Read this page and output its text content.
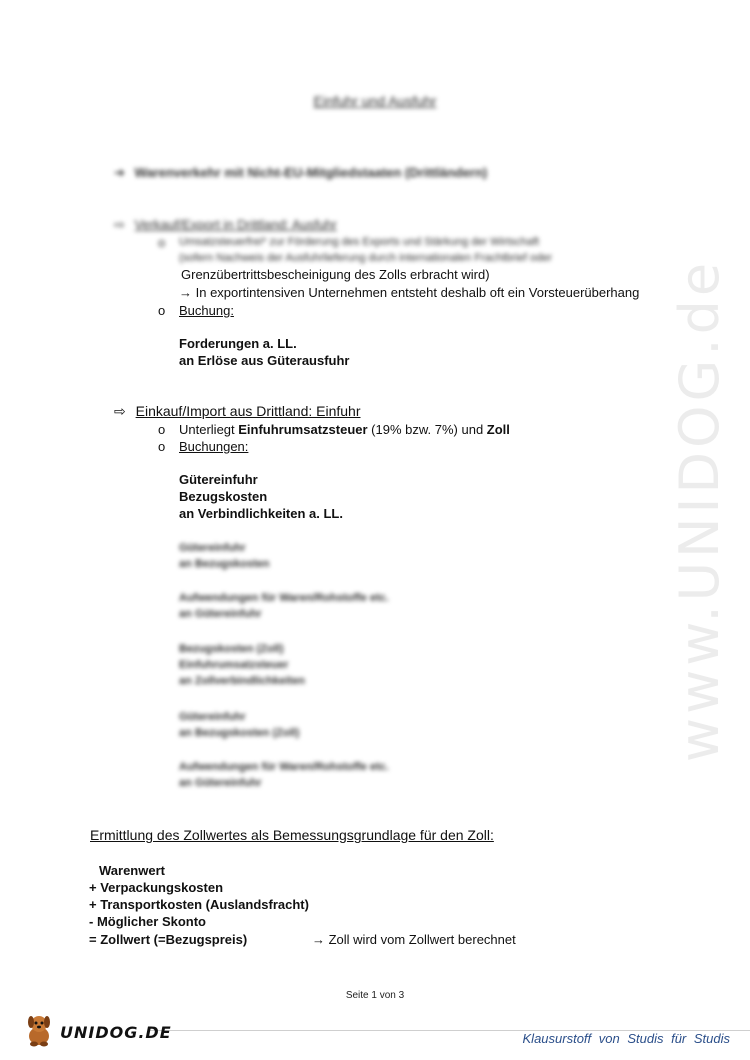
www.UNIDOG.de
Einfuhr und Ausfuhr
➔ Warenverkehr mit Nicht-EU-Mitgliedstaaten (Drittländern)
⇨ Verkauf/Export in Drittland: Ausfuhr
o Umsatzsteuerfrei* zur Förderung des Exports und Stärkung der Wirtschaft
(sofern Nachweis der Ausfuhrlieferung durch internationalen Frachtbrief oder
Grenzübertrittsbescheinigung des Zolls erbracht wird)
→ In exportintensiven Unternehmen entsteht deshalb oft ein Vorsteuerüberhang
o Buchung:
Forderungen a. LL.
an Erlöse aus Güterausfuhr
⇨ Einkauf/Import aus Drittland: Einfuhr
o Unterliegt Einfuhrumsatzsteuer (19% bzw. 7%) und Zoll
o Buchungen:
Gütereinfuhr
Bezugskosten
an Verbindlichkeiten a. LL.
Gütereinfuhr
an Bezugskosten
Aufwendungen für Waren/Rohstoffe etc.
an Gütereinfuhr
Bezugskosten (Zoll)
Einfuhrumsatzsteuer
an Zollverbindlichkeiten
Gütereinfuhr
an Bezugskosten (Zoll)
Aufwendungen für Waren/Rohstoffe etc.
an Gütereinfuhr
Ermittlung des Zollwertes als Bemessungsgrundlage für den Zoll:
Warenwert
+ Verpackungskosten
+ Transportkosten (Auslandsfracht)
- Möglicher Skonto
= Zollwert (=Bezugspreis)	→ Zoll wird vom Zollwert berechnet
Seite 1 von 3
UNIDOG.DE	Klausurstoff von Studis für Studis
